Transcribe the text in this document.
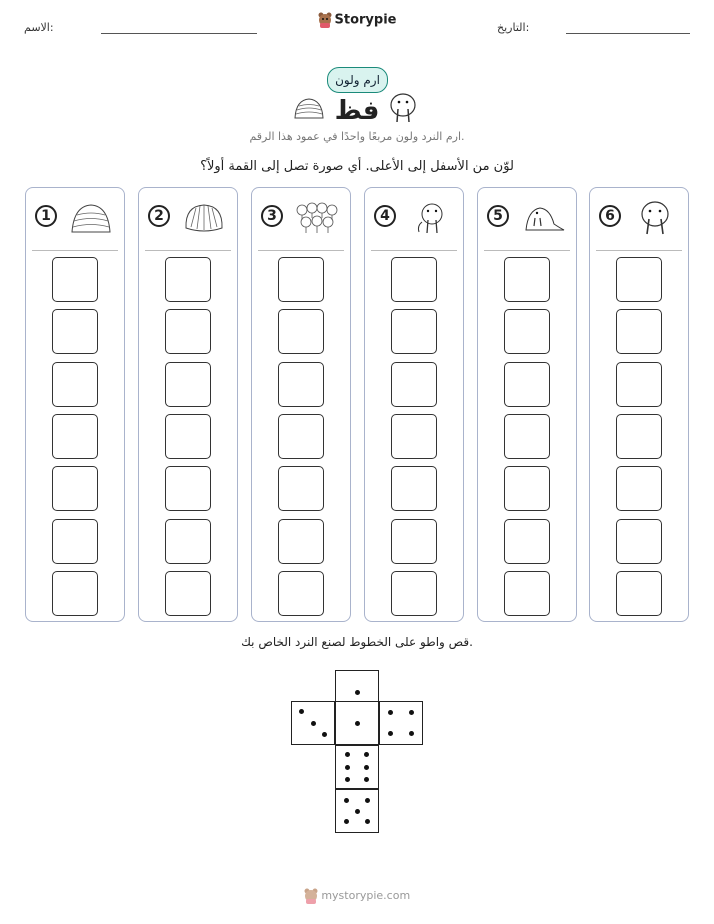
الاسم:	Storypie	التاريخ:
ارم ولون
فظ
ارم النرد ولون مربعًا واحدًا في عمود هذا الرقم.
لوّن من الأسفل إلى الأعلى. أي صورة تصل إلى القمة أولاً؟
1	2	3	4	5	6
قص واطو على الخطوط لصنع النرد الخاص بك.
mystorypie.com
